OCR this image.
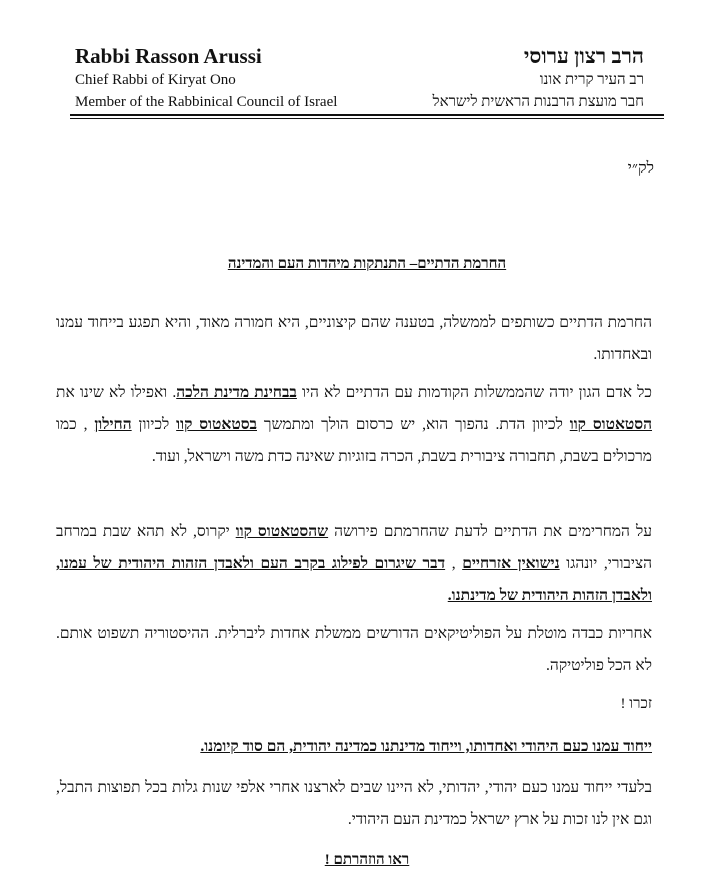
Rabbi Rasson Arussi
Chief Rabbi of Kiryat Ono
Member of the Rabbinical Council of Israel
הרב רצון ערוסי
רב העיר קרית אונו
חבר מועצת הרבנות הראשית לישראל
לק״י
החרמת הדתיים– התנתקות מיהדות העם והמדינה
החרמת הדתיים כשותפים לממשלה, בטענה שהם קיצוניים, היא חמורה מאוד, והיא תפגע בייחוד עמנו ובאחדותו.
כל אדם הגון יודה שהממשלות הקודמות עם הדתיים לא היו בבחינת מדינת הלכה. ואפילו לא שינו את הסטאטוס קוו לכיוון הדת. נהפוך הוא, יש כרסום הולך ומתמשך בסטאטוס קוו לכיוון החילון , כמו מרכולים בשבת, תחבורה ציבורית בשבת, הכרה בזוגיות שאינה כדת משה וישראל, ועוד.
על המחרימים את הדתיים לדעת שהחרמתם פירושה שהסטאטוס קוו יקרוס, לא תהא שבת במרחב הציבורי, יונהגו נישואין אזרחיים , דבר שיגרום לפילוג בקרב העם ולאבדן הזהות היהודית של עמנו, ולאבדן הזהות היהודית של מדינתנו.
אחריות כבדה מוטלת על הפוליטיקאים הדורשים ממשלת אחדות ליברלית. ההיסטוריה תשפוט אותם. לא הכל פוליטיקה.
זכרו !
ייחוד עמנו כעם היהודי ואחדותו, וייחוד מדינתנו כמדינה יהודית, הם סוד קיומנו.
בלעדי ייחוד עמנו כעם יהודי, יהדותי, לא היינו שבים לארצנו אחרי אלפי שנות גלות בכל תפוצות התבל, וגם אין לנו זכות על ארץ ישראל כמדינת העם היהודי.
ראו הוזהרתם !
